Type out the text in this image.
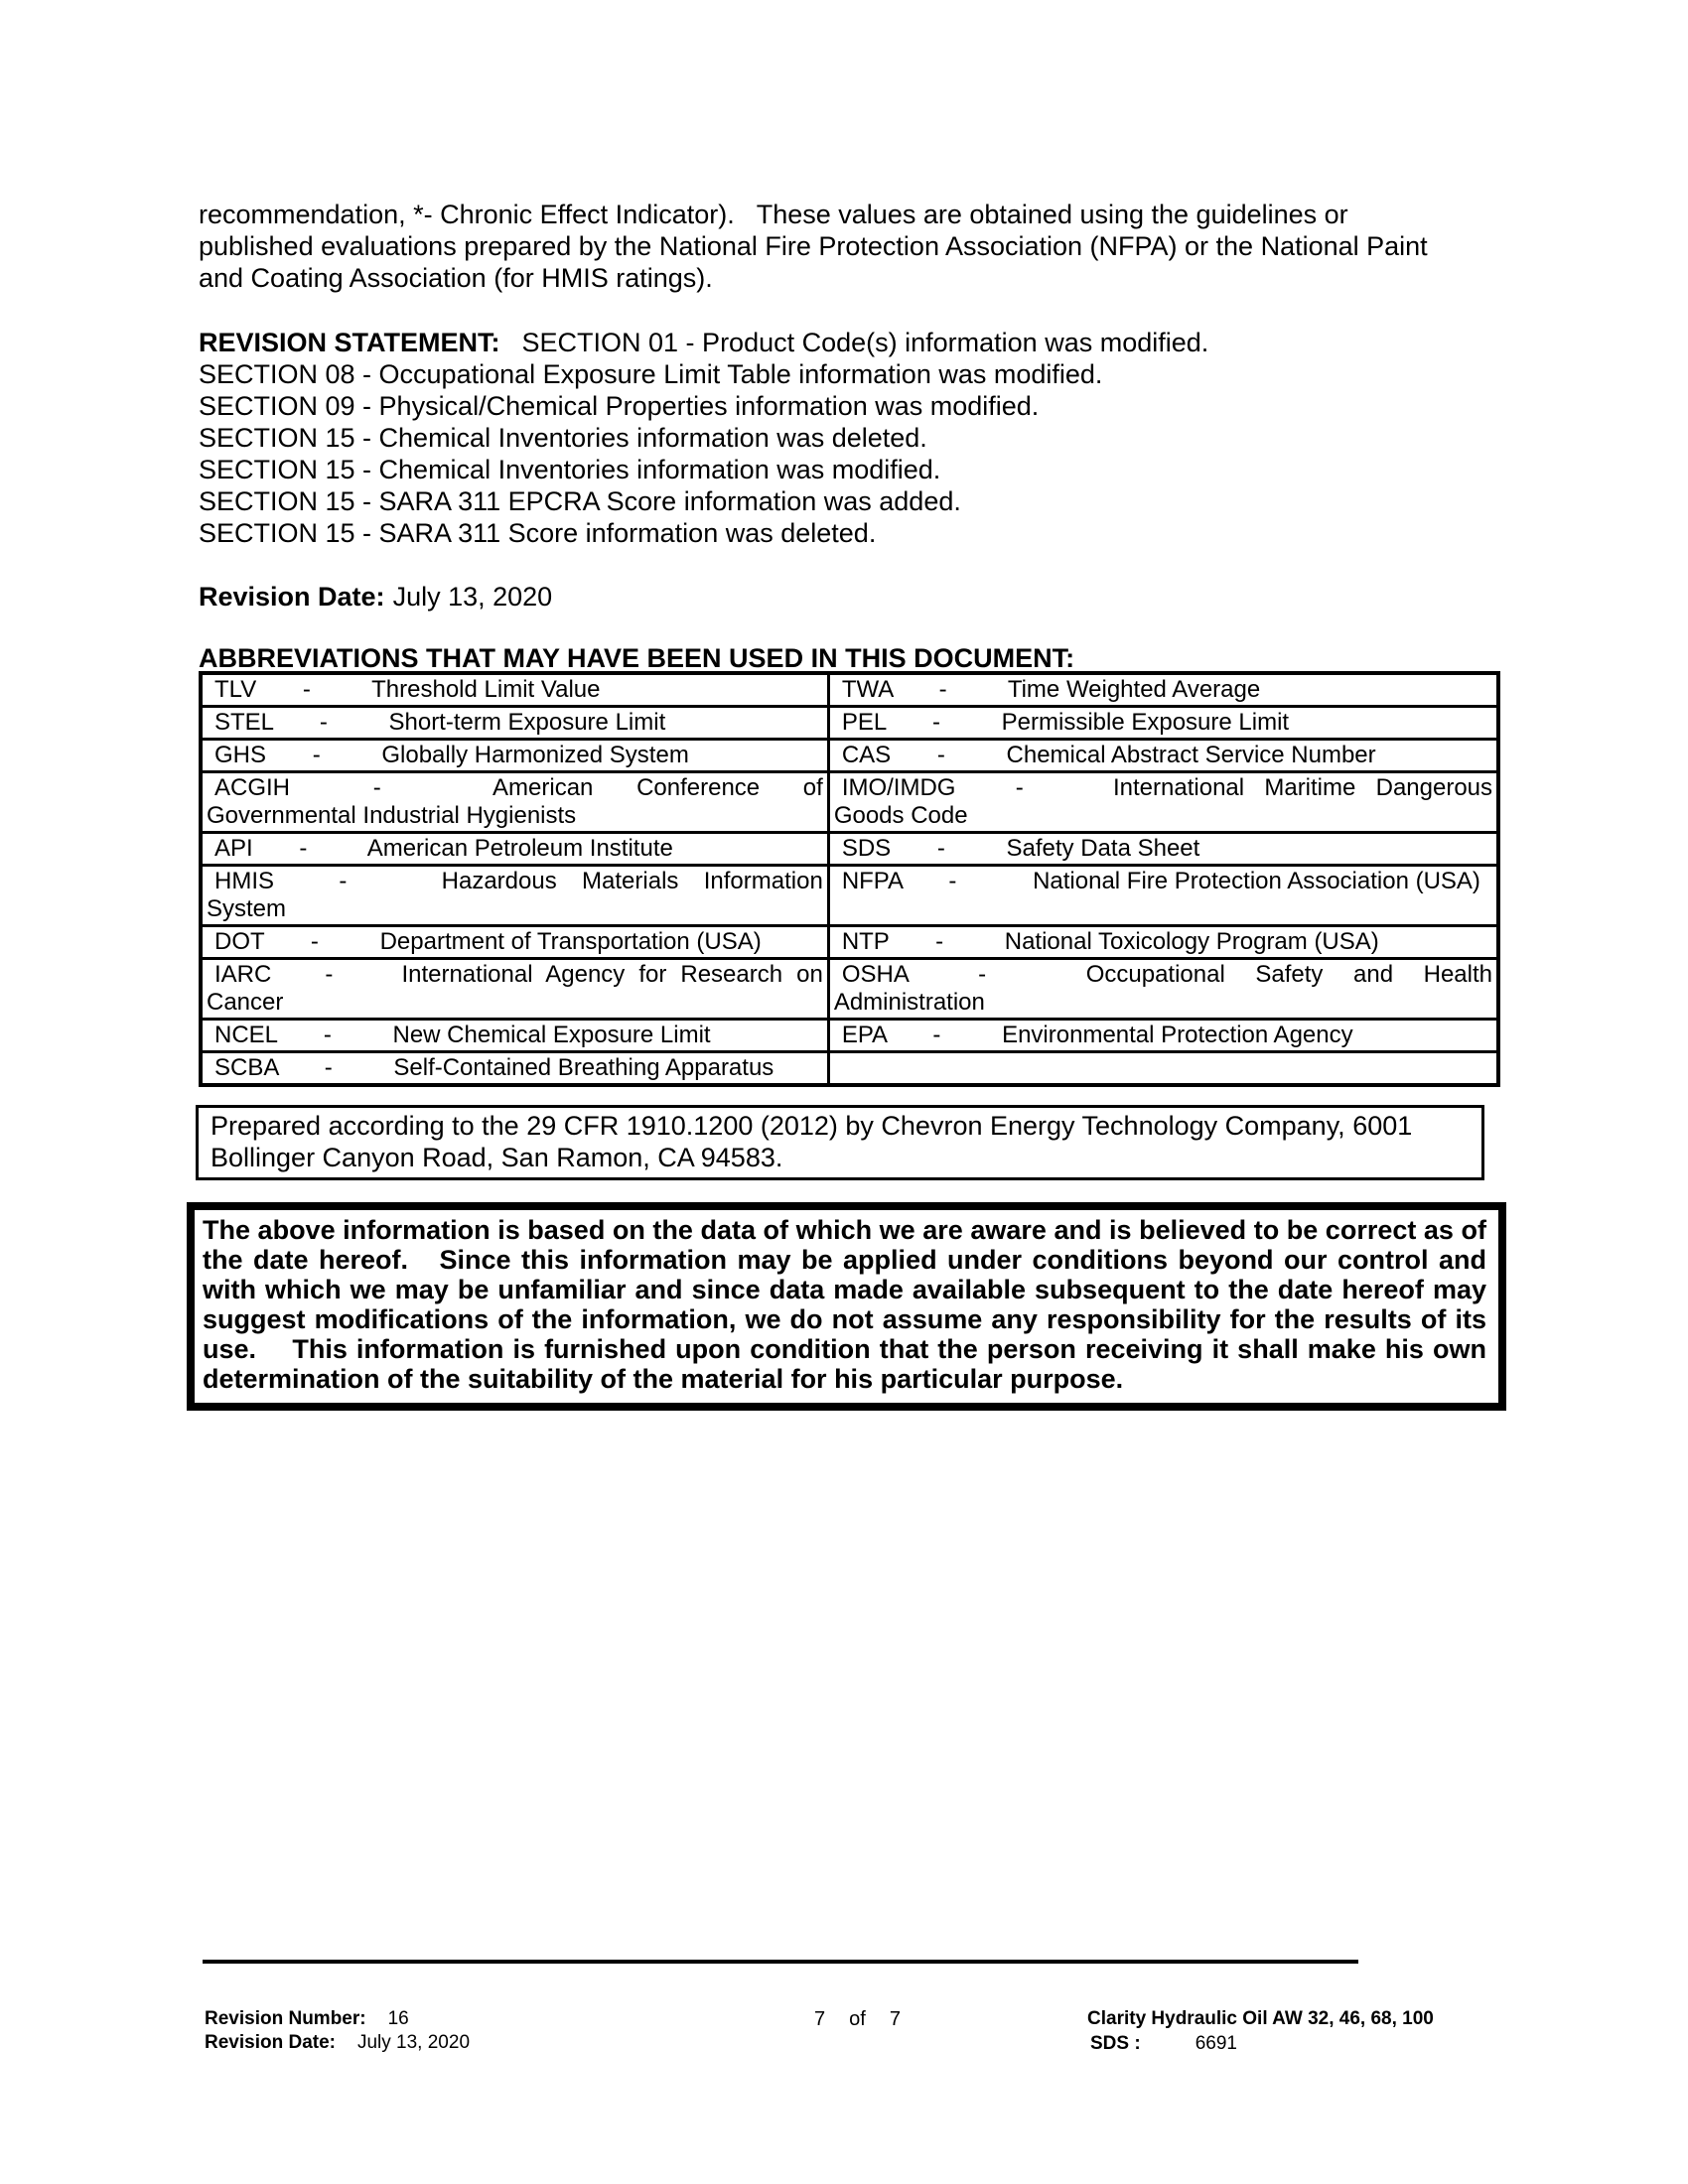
recommendation, *- Chronic Effect Indicator).   These values are obtained using the guidelines or published evaluations prepared by the National Fire Protection Association (NFPA) or the National Paint and Coating Association (for HMIS ratings).

REVISION STATEMENT: SECTION 01 - Product Code(s) information was modified.
SECTION 08 - Occupational Exposure Limit Table information was modified.
SECTION 09 - Physical/Chemical Properties information was modified.
SECTION 15 - Chemical Inventories information was deleted.
SECTION 15 - Chemical Inventories information was modified.
SECTION 15 - SARA 311 EPCRA Score information was added.
SECTION 15 - SARA 311 Score information was deleted.

Revision Date: July 13, 2020

ABBREVIATIONS THAT MAY HAVE BEEN USED IN THIS DOCUMENT:
TLV - Threshold Limit Value	TWA - Time Weighted Average
STEL - Short-term Exposure Limit	PEL - Permissible Exposure Limit
GHS - Globally Harmonized System	CAS - Chemical Abstract Service Number
ACGIH - American Conference of Governmental Industrial Hygienists	IMO/IMDG - International Maritime Dangerous Goods Code
API - American Petroleum Institute	SDS - Safety Data Sheet
HMIS - Hazardous Materials Information System	NFPA - National Fire Protection Association (USA)
DOT - Department of Transportation (USA)	NTP - National Toxicology Program (USA)
IARC - International Agency for Research on Cancer	OSHA - Occupational Safety and Health Administration
NCEL - New Chemical Exposure Limit	EPA - Environmental Protection Agency
SCBA - Self-Contained Breathing Apparatus	
Prepared according to the 29 CFR 1910.1200 (2012) by Chevron Energy Technology Company, 6001 Bollinger Canyon Road, San Ramon, CA 94583.
The above information is based on the data of which we are aware and is believed to be correct as of the date hereof.   Since this information may be applied under conditions beyond our control and with which we may be unfamiliar and since data made available subsequent to the date hereof may suggest modifications of the information, we do not assume any responsibility for the results of its use.    This information is furnished upon condition that the person receiving it shall make his own determination of the suitability of the material for his particular purpose.
Revision Number: 16
Revision Date: July 13, 2020
7 of 7	Clarity Hydraulic Oil AW 32, 46, 68, 100
SDS :	6691
